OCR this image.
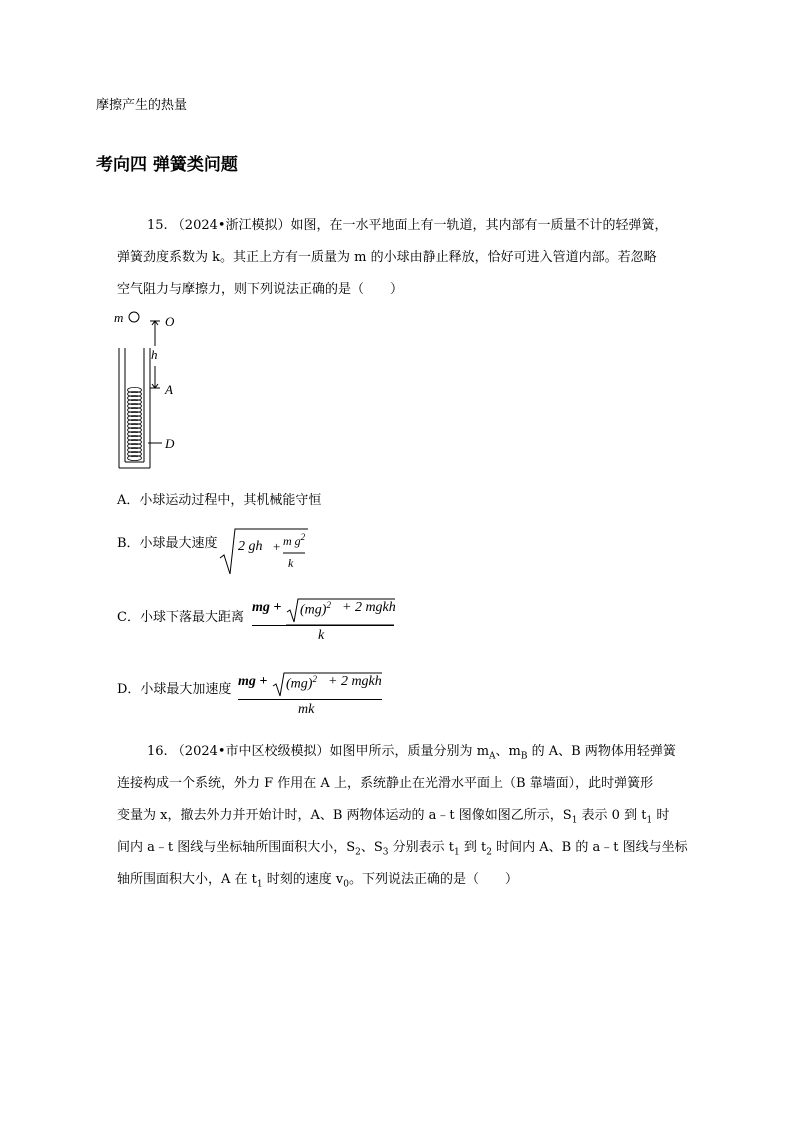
摩擦产生的热量
考向四 弹簧类问题
15. （2024•浙江模拟）如图，在一水平地面上有一轨道，其内部有一质量不计的轻弹簧，
弹簧劲度系数为 k。其正上方有一质量为 m 的小球由静止释放，恰好可进入管道内部。若忽略
空气阻力与摩擦力，则下列说法正确的是（　　）
m	O
h
A
D
A．小球运动过程中，其机械能守恒
B．小球最大速度 2 gh + m $g^2$
k
C．小球下落最大距离
mg + (mg)$^2$ + 2 mgkh
k
D．小球最大加速度
mg + (mg)$^2$ + 2 mgkh
mk
16. （2024•市中区校级模拟）如图甲所示，质量分别为 $m_A$、$m_B$ 的 A、B 两物体用轻弹簧
连接构成一个系统，外力 F 作用在 A 上，系统静止在光滑水平面上（B 靠墙面），此时弹簧形
变量为 x，撤去外力并开始计时，A、B 两物体运动的 a﹣t 图像如图乙所示，$S_1$ 表示 0 到 $t_1$ 时
间内 a﹣t 图线与坐标轴所围面积大小，$S_2$、$S_3$ 分别表示 $t_1$ 到 $t_2$ 时间内 A、B 的 a﹣t 图线与坐标
轴所围面积大小，A 在 $t_1$ 时刻的速度 $v_0$。下列说法正确的是（　　）
